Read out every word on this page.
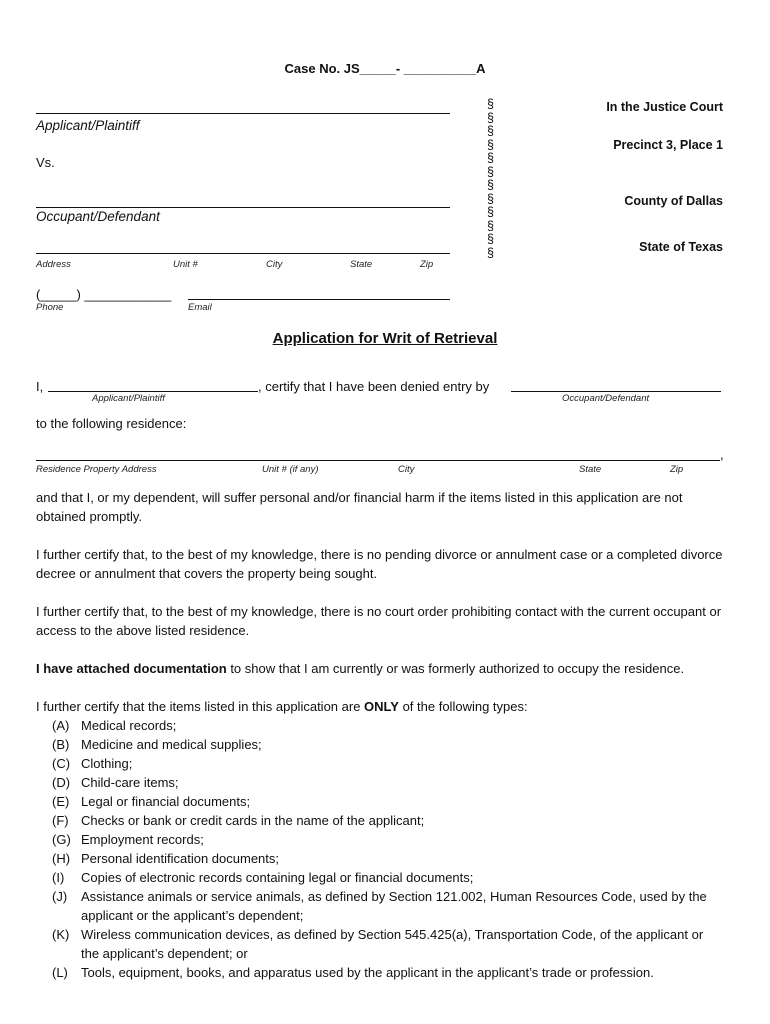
Case No. JS_____- __________A
Applicant/Plaintiff
Vs.
Occupant/Defendant
Address	Unit #	City	State	Zip
(_____) ____________
Phone	Email
§
§
§
§
§
§
§
§
§
§
§
§
In the Justice Court
Precinct 3, Place 1
County of Dallas
State of Texas
Application for Writ of Retrieval
I,	, certify that I have been denied entry by
Applicant/Plaintiff	Occupant/Defendant
to the following residence:
,
Residence Property Address	Unit # (if any)	City	State	Zip
and that I, or my dependent, will suffer personal and/or financial harm if the items listed in this application are not obtained promptly.
I further certify that, to the best of my knowledge, there is no pending divorce or annulment case or a completed divorce decree or annulment that covers the property being sought.
I further certify that, to the best of my knowledge, there is no court order prohibiting contact with the current occupant or access to the above listed residence.
I have attached documentation to show that I am currently or was formerly authorized to occupy the residence.
I further certify that the items listed in this application are ONLY of the following types:
(A) Medical records;
(B) Medicine and medical supplies;
(C) Clothing;
(D) Child-care items;
(E) Legal or financial documents;
(F) Checks or bank or credit cards in the name of the applicant;
(G) Employment records;
(H) Personal identification documents;
(I) Copies of electronic records containing legal or financial documents;
(J) Assistance animals or service animals, as defined by Section 121.002, Human Resources Code, used by the applicant or the applicant’s dependent;
(K) Wireless communication devices, as defined by Section 545.425(a), Transportation Code, of the applicant or the applicant’s dependent; or
(L) Tools, equipment, books, and apparatus used by the applicant in the applicant’s trade or profession.
